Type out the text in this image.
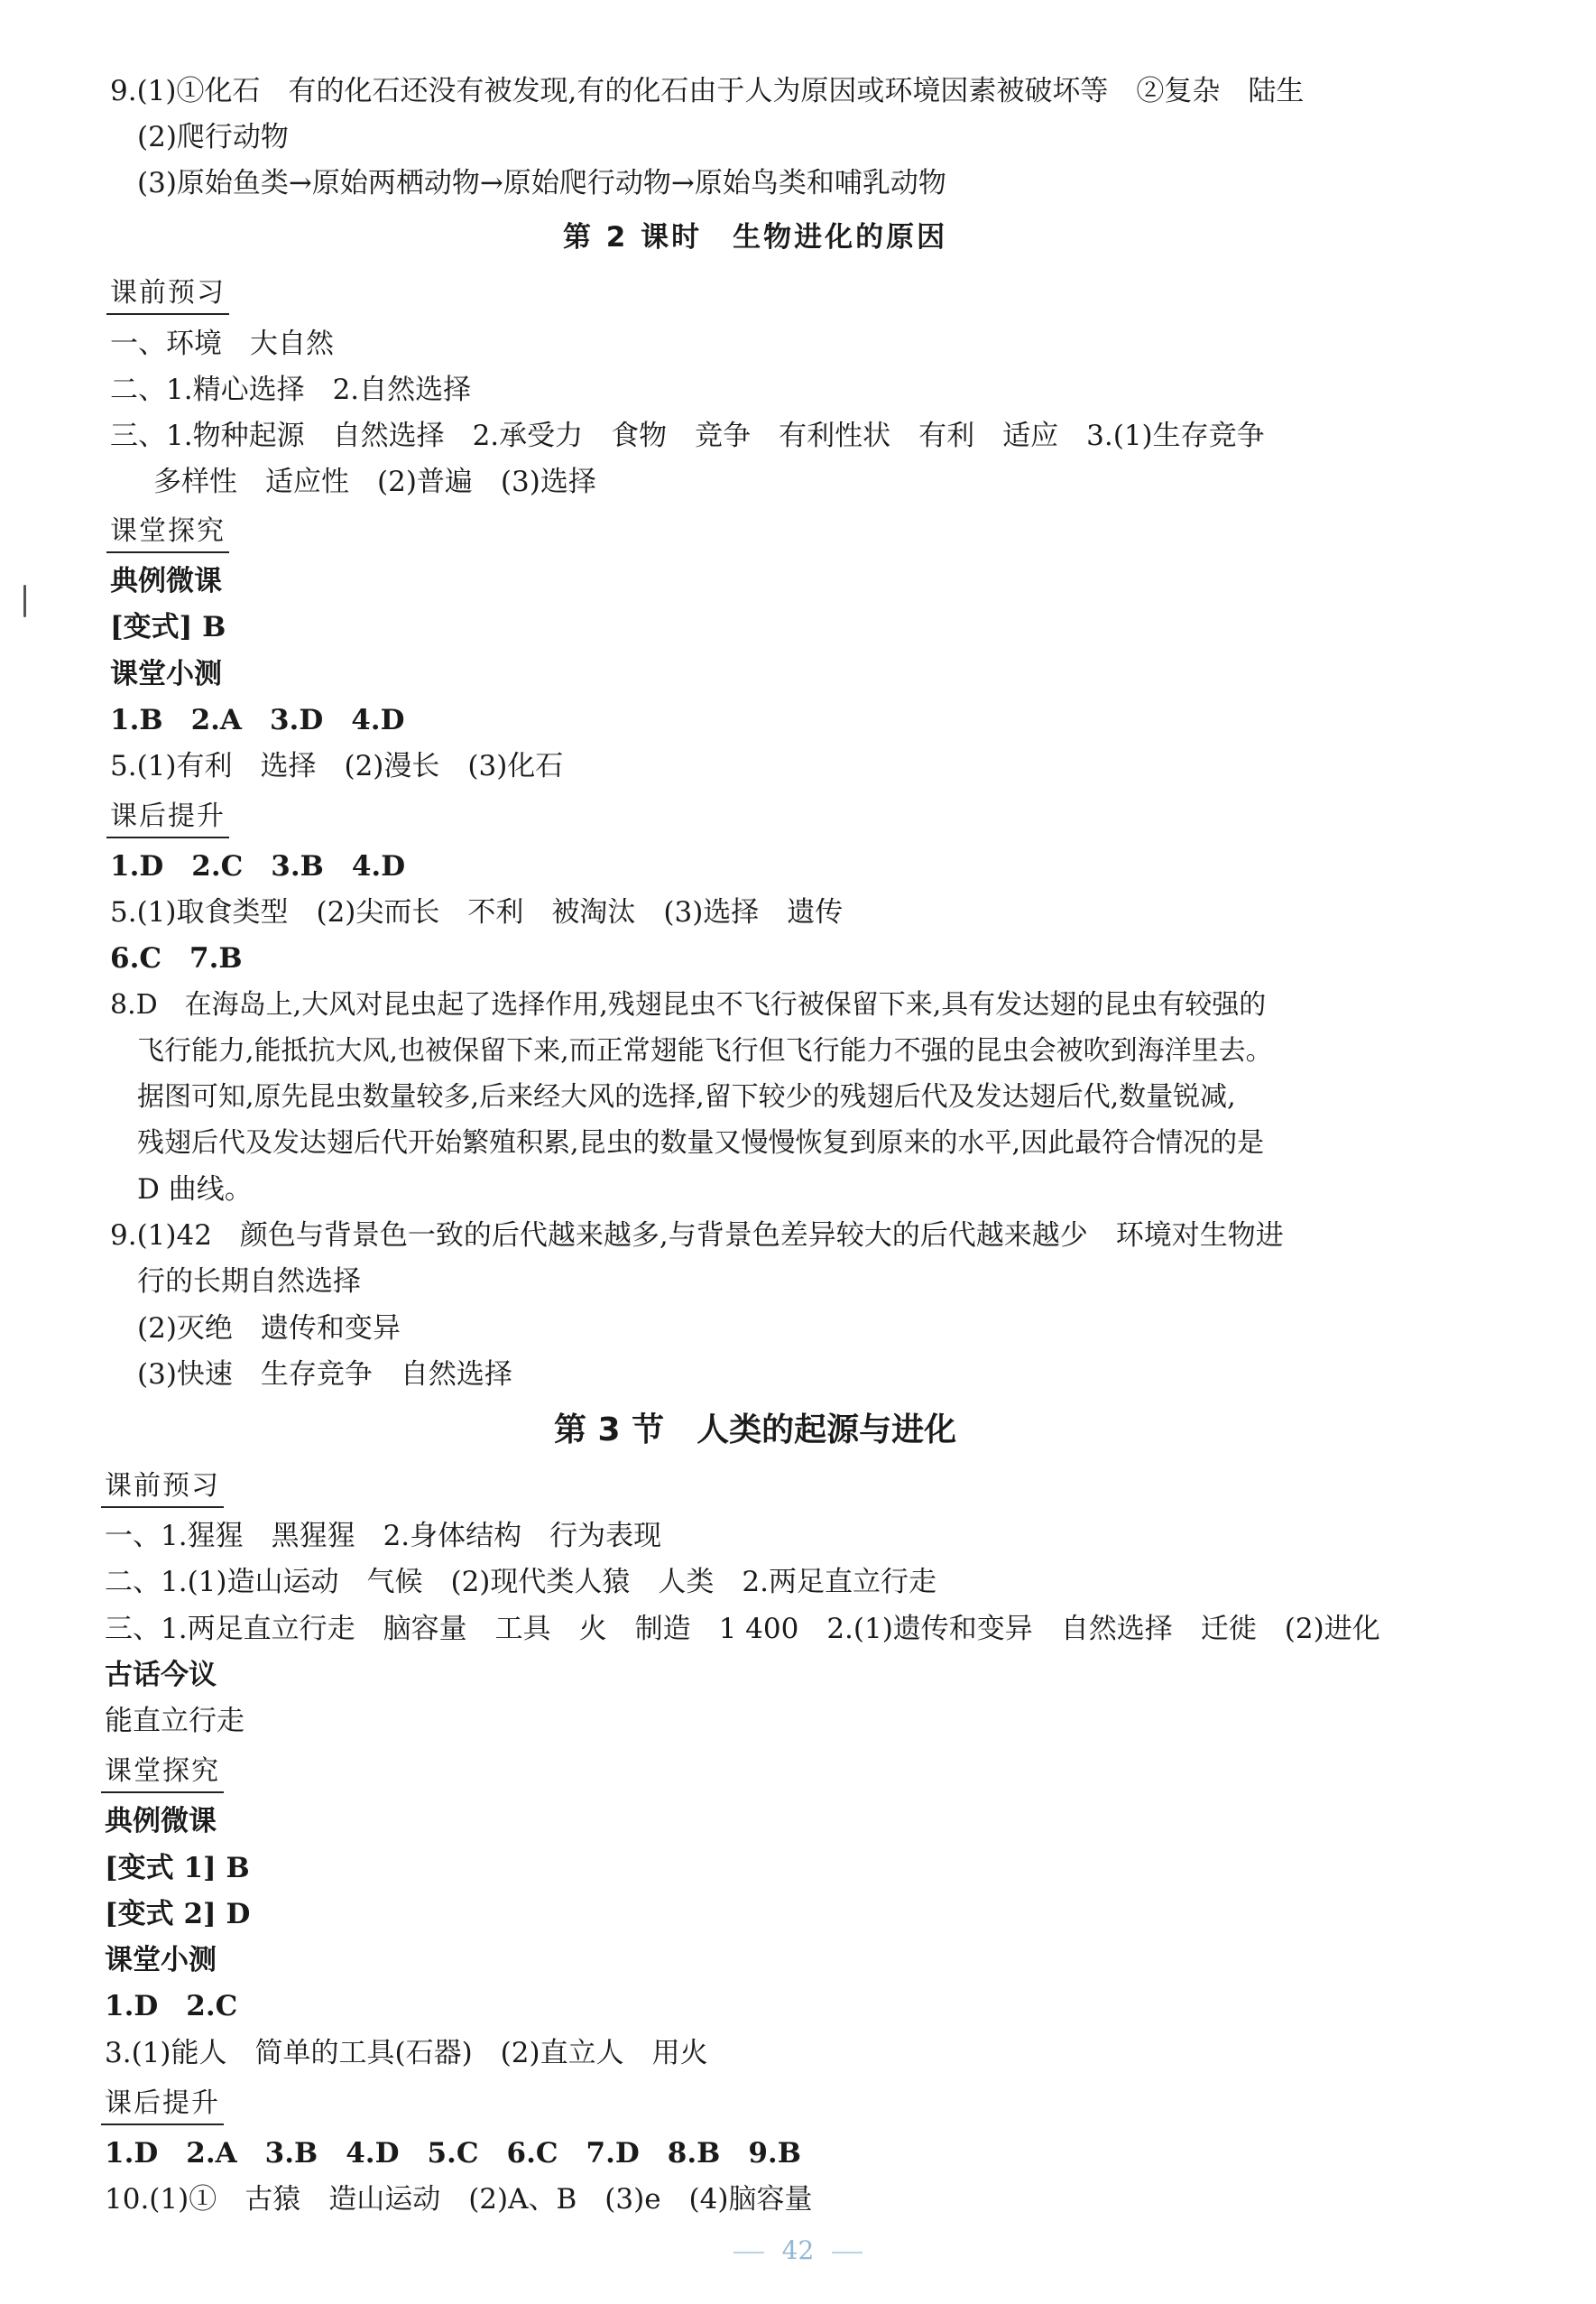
9.(1)①化石　有的化石还没有被发现,有的化石由于人为原因或环境因素被破坏等　②复杂　陆生
(2)爬行动物
(3)原始鱼类→原始两栖动物→原始爬行动物→原始鸟类和哺乳动物
第 2 课时　生物进化的原因
课前预习
一、环境　大自然
二、1.精心选择　2.自然选择
三、1.物种起源　自然选择　2.承受力　食物　竞争　有利性状　有利　适应　3.(1)生存竞争
多样性　适应性　(2)普遍　(3)选择
课堂探究
典例微课
[变式] B
课堂小测
1.B　2.A　3.D　4.D
5.(1)有利　选择　(2)漫长　(3)化石
课后提升
1.D　2.C　3.B　4.D
5.(1)取食类型　(2)尖而长　不利　被淘汰　(3)选择　遗传
6.C　7.B
8.D　在海岛上,大风对昆虫起了选择作用,残翅昆虫不飞行被保留下来,具有发达翅的昆虫有较强的
飞行能力,能抵抗大风,也被保留下来,而正常翅能飞行但飞行能力不强的昆虫会被吹到海洋里去。
据图可知,原先昆虫数量较多,后来经大风的选择,留下较少的残翅后代及发达翅后代,数量锐减,
残翅后代及发达翅后代开始繁殖积累,昆虫的数量又慢慢恢复到原来的水平,因此最符合情况的是
D 曲线。
9.(1)42　颜色与背景色一致的后代越来越多,与背景色差异较大的后代越来越少　环境对生物进
行的长期自然选择
(2)灭绝　遗传和变异
(3)快速　生存竞争　自然选择
第 3 节　人类的起源与进化
课前预习
一、1.猩猩　黑猩猩　2.身体结构　行为表现
二、1.(1)造山运动　气候　(2)现代类人猿　人类　2.两足直立行走
三、1.两足直立行走　脑容量　工具　火　制造　1 400　2.(1)遗传和变异　自然选择　迁徙　(2)进化
古话今议
能直立行走
课堂探究
典例微课
[变式 1] B
[变式 2] D
课堂小测
1.D　2.C
3.(1)能人　简单的工具(石器)　(2)直立人　用火
课后提升
1.D　2.A　3.B　4.D　5.C　6.C　7.D　8.B　9.B
10.(1)①　古猿　造山运动　(2)A、B　(3)e　(4)脑容量
42
